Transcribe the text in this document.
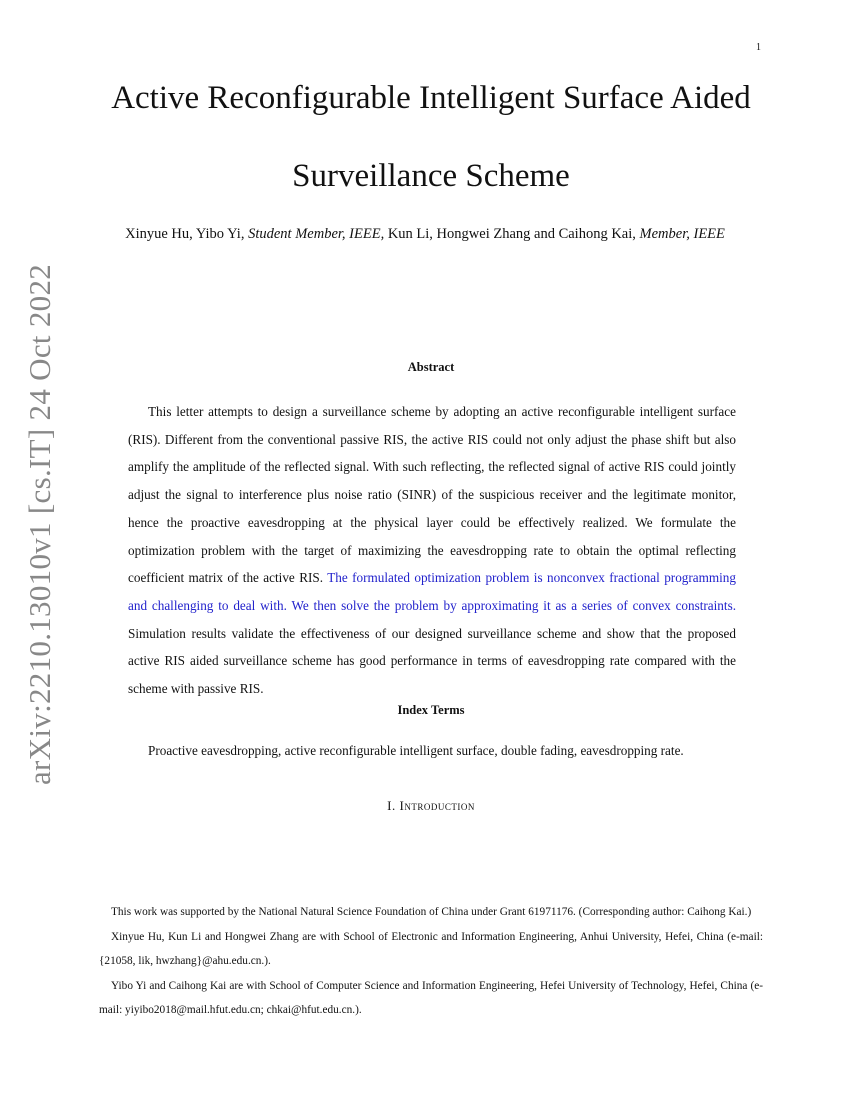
1
Active Reconfigurable Intelligent Surface Aided
Surveillance Scheme
Xinyue Hu, Yibo Yi, Student Member, IEEE, Kun Li, Hongwei Zhang and Caihong Kai, Member, IEEE
arXiv:2210.13010v1 [cs.IT] 24 Oct 2022	Abstract

This letter attempts to design a surveillance scheme by adopting an active reconfigurable intelligent surface (RIS). Different from the conventional passive RIS, the active RIS could not only adjust the phase shift but also amplify the amplitude of the reflected signal. With such reflecting, the reflected signal of active RIS could jointly adjust the signal to interference plus noise ratio (SINR) of the suspicious receiver and the legitimate monitor, hence the proactive eavesdropping at the physical layer could be effectively realized. We formulate the optimization problem with the target of maximizing the eavesdropping rate to obtain the optimal reflecting coefficient matrix of the active RIS. The formulated optimization problem is nonconvex fractional programming and challenging to deal with. We then solve the problem by approximating it as a series of convex constraints. Simulation results validate the effectiveness of our designed surveillance scheme and show that the proposed active RIS aided surveillance scheme has good performance in terms of eavesdropping rate compared with the scheme with passive RIS.

Index Terms
Proactive eavesdropping, active reconfigurable intelligent surface, double fading, eavesdropping rate.
I. Introduction

This work was supported by the National Natural Science Foundation of China under Grant 61971176. (Corresponding author: Caihong Kai.)

Xinyue Hu, Kun Li and Hongwei Zhang are with School of Electronic and Information Engineering, Anhui University, Hefei, China (e-mail: {21058, lik, hwzhang}@ahu.edu.cn.).

Yibo Yi and Caihong Kai are with School of Computer Science and Information Engineering, Hefei University of Technology, Hefei, China (e-mail: yiyibo2018@mail.hfut.edu.cn; chkai@hfut.edu.cn.).
